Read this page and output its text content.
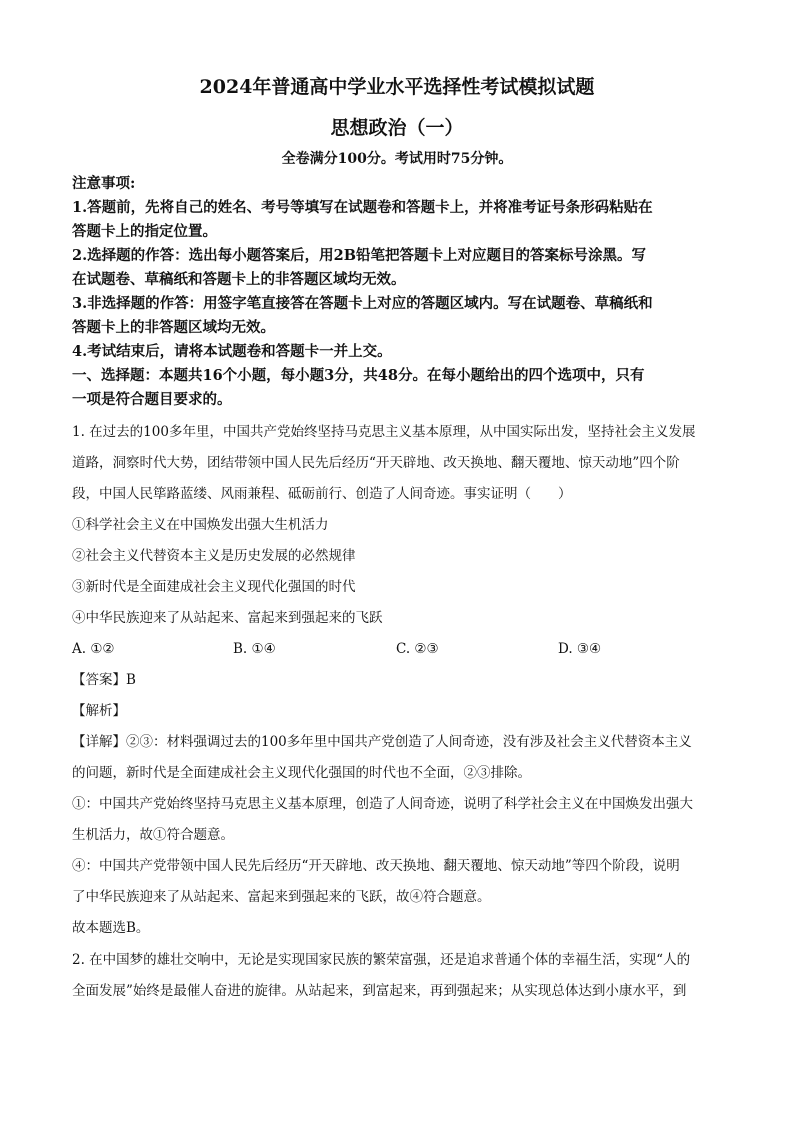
2024年普通高中学业水平选择性考试模拟试题
思想政治（一）
全卷满分100分。考试用时75分钟。
注意事项:
1.答题前，先将自己的姓名、考号等填写在试题卷和答题卡上，并将准考证号条形码粘贴在
答题卡上的指定位置。
2.选择题的作答：选出每小题答案后，用2B铅笔把答题卡上对应题目的答案标号涂黑。写
在试题卷、草稿纸和答题卡上的非答题区域均无效。
3.非选择题的作答：用签字笔直接答在答题卡上对应的答题区域内。写在试题卷、草稿纸和
答题卡上的非答题区域均无效。
4.考试结束后，请将本试题卷和答题卡一并上交。
一、选择题：本题共16个小题，每小题3分，共48分。在每小题给出的四个选项中，只有
一项是符合题目要求的。
1. 在过去的100多年里，中国共产党始终坚持马克思主义基本原理，从中国实际出发，坚持社会主义发展
道路，洞察时代大势，团结带领中国人民先后经历“开天辟地、改天换地、翻天覆地、惊天动地”四个阶
段，中国人民筚路蓝缕、风雨兼程、砥砺前行、创造了人间奇迹。事实证明（　　）
①科学社会主义在中国焕发出强大生机活力
②社会主义代替资本主义是历史发展的必然规律
③新时代是全面建成社会主义现代化强国的时代
④中华民族迎来了从站起来、富起来到强起来的飞跃
A. ①②	B. ①④	C. ②③	D. ③④
【答案】B
【解析】
【详解】②③：材料强调过去的100多年里中国共产党创造了人间奇迹，没有涉及社会主义代替资本主义
的问题，新时代是全面建成社会主义现代化强国的时代也不全面，②③排除。
①：中国共产党始终坚持马克思主义基本原理，创造了人间奇迹，说明了科学社会主义在中国焕发出强大
生机活力，故①符合题意。
④：中国共产党带领中国人民先后经历“开天辟地、改天换地、翻天覆地、惊天动地”等四个阶段，说明
了中华民族迎来了从站起来、富起来到强起来的飞跃，故④符合题意。
故本题选B。
2. 在中国梦的雄壮交响中，无论是实现国家民族的繁荣富强，还是追求普通个体的幸福生活，实现“人的
全面发展”始终是最催人奋进的旋律。从站起来，到富起来，再到强起来；从实现总体达到小康水平，到
